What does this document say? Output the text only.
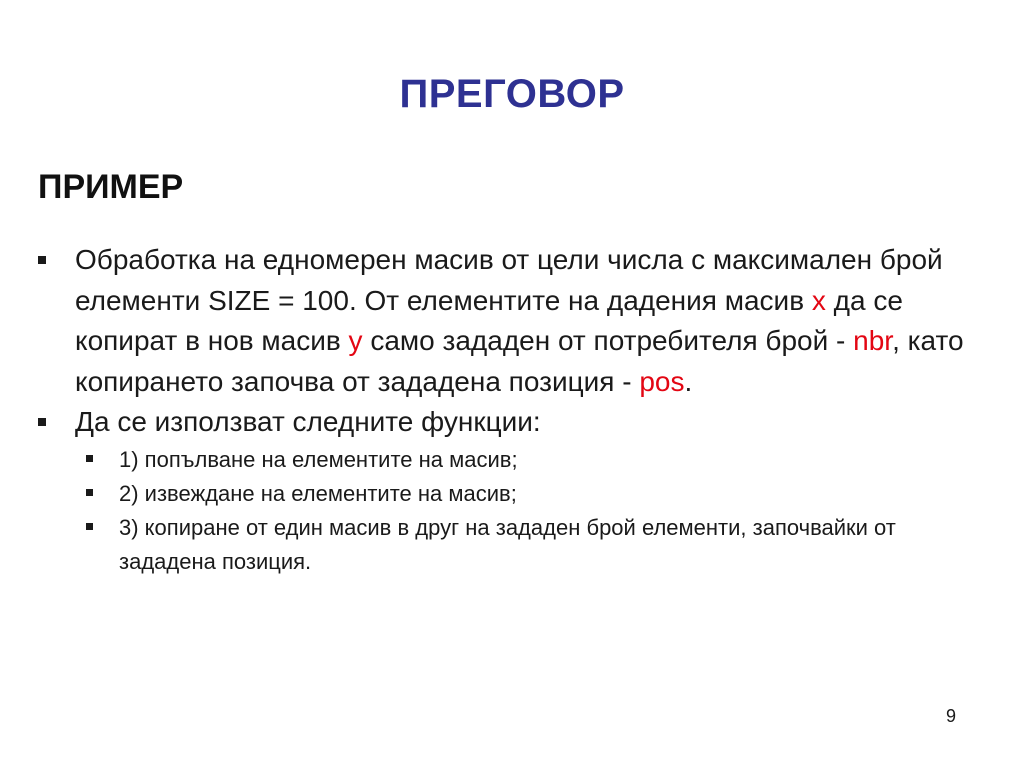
ПРЕГОВОР
ПРИМЕР
Обработка на едномерен масив от цели числа с максимален брой елементи SIZE = 100. От елементите на дадения масив x да се копират в нов масив y само зададен от потребителя брой - nbr, като копирането започва от зададена позиция - pos.
Да се използват следните функции:
1) попълване на елементите на масив;
2) извеждане на елементите на масив;
3) копиране от един масив в друг на зададен брой елементи, започвайки от зададена позиция.
9
